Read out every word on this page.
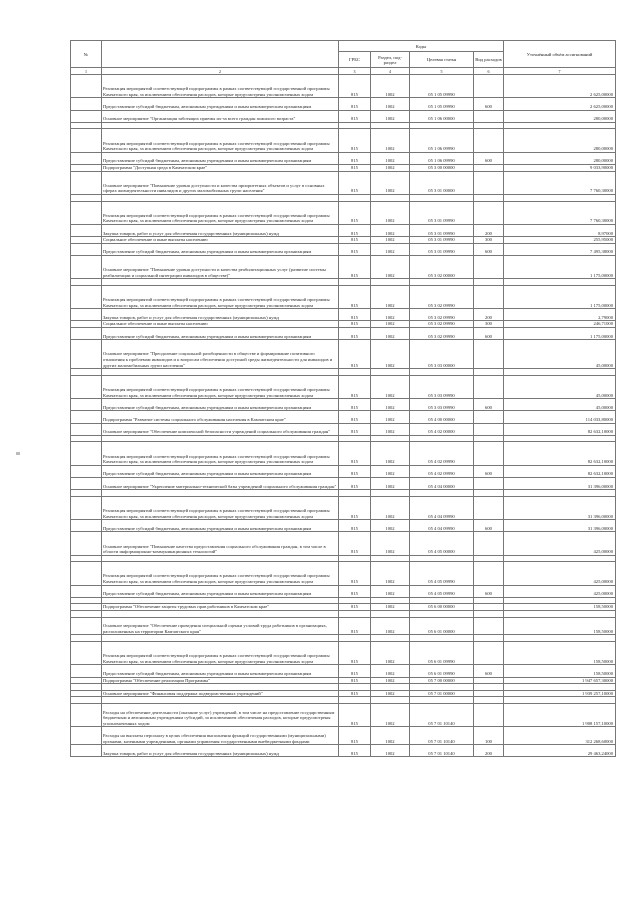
№		Коды				Уточнённый объём ассигнований
		ГРБС	Раздел, под-раздел	Целевая статья	Вид расходов	
1	2	3	4	5	6	7
	Реализация мероприятий соответствующей подпрограммы в рамках соответствующей государственной программы Камчатского края, за исключением обеспечения расходов, которые предусмотрены уполномоченных ходом	815	1002	05 1 05 09990		2 625,00000
	Предоставление субсидий бюджетным, автономным учреждениям и иным некоммерческим организациям	815	1002	05 1 05 09990	600	2 625,00000
	Основное мероприятие "Организация заботящих приемы их-за всего граждан пожилого возраста"	815	1002	05 1 06 00000		280,00000

	Реализация мероприятий соответствующей подпрограммы в рамках соответствующей государственной программы Камчатского края, за исключением обеспечения расходов, которые предусмотрены уполномоченных ходом	815	1002	05 1 06 09990		280,00000
	Предоставление субсидий бюджетным, автономным учреждениям и иным некоммерческим организациям	815	1002	05 1 06 09990	600	280,00000
	Подпрограмма "Доступная среда в Камчатском крае"	815	1002	05 3 00 00000		9 033,90000
	Основное мероприятие "Повышение уровня доступности и качества приоритетных объектов и услуг в основных сферах жизнедеятельности инвалидов и других маломобильных групп населения"	815	1002	05 3 01 00000		7 760,30000

	Реализация мероприятий соответствующей подпрограммы в рамках соответствующей государственной программы Камчатского края, за исключением обеспечения расходов, которые предусмотрены уполномоченных ходом	815	1002	05 3 01 09990		7 760,30000
	Закупка товаров, работ и услуг для обеспечения государственных (муниципальных) нужд	815	1002	05 3 01 09990	200	8,97000
	Социальное обеспечение и иные выплаты населению	815	1002	05 3 01 09990	300	255,95000
	Предоставление субсидий бюджетным, автономным учреждениям и иным некоммерческим организациям	815	1002	05 3 01 09990	600	7 495,38000
	Основное мероприятие "Повышение уровня доступности и качества реабилитационных услуг (развитие системы реабилитации и социальной интеграции инвалидов в обществе)"	815	1002	05 3 02 00000		1 175,00000

	Реализация мероприятий соответствующей подпрограммы в рамках соответствующей государственной программы Камчатского края, за исключением обеспечения расходов, которые предусмотрены уполномоченных ходом	815	1002	05 3 02 09990		1 175,00000
	Закупка товаров, работ и услуг для обеспечения государственных (муниципальных) нужд	815	1002	05 3 02 09990	200	2,79000
	Социальное обеспечение и иные выплаты населению	815	1002	05 3 02 09990	300	246,71000
	Предоставление субсидий бюджетным, автономным учреждениям и иным некоммерческим организациям	815	1002	05 3 02 09990	600	1 175,00000
	Основное мероприятие "Преодоление социальной разобщенности в обществе и формирование позитивного отношения к проблемам инвалидов и к вопросам обеспечения доступной среды жизнедеятельности для инвалидов и других маломобильных групп населения"	815	1002	05 3 03 00000		45,00000

	Реализация мероприятий соответствующей подпрограммы в рамках соответствующей государственной программы Камчатского края, за исключением обеспечения расходов, которые предусмотрены уполномоченных ходом	815	1002	05 3 03 09990		45,00000
	Предоставление субсидий бюджетным, автономным учреждениям и иным некоммерческим организациям	815	1002	05 3 03 09990	600	45,00000
	Подпрограмма "Развитие системы социального обслуживания населения в Камчатском крае"	815	1002	05 4 00 00000		114 033,80000
	Основное мероприятие "Обеспечение комплексной безопасности учреждений социального обслуживания граждан"	815	1002	05 4 02 00000		82 632,10000

	Реализация мероприятий соответствующей подпрограммы в рамках соответствующей государственной программы Камчатского края, за исключением обеспечения расходов, которые предусмотрены уполномоченных ходом	815	1002	05 4 02 09990		82 632,10000
	Предоставление субсидий бюджетным, автономным учреждениям и иным некоммерческим организациям	815	1002	05 4 02 09990	600	82 632,10000
	Основное мероприятие "Укрепление материально-технической базы учреждений социального обслуживания граждан"	815	1002	05 4 04 00000		31 396,00000

	Реализация мероприятий соответствующей подпрограммы в рамках соответствующей государственной программы Камчатского края, за исключением обеспечения расходов, которые предусмотрены уполномоченных ходом	815	1002	05 4 04 09990		31 396,00000
	Предоставление субсидий бюджетным, автономным учреждениям и иным некоммерческим организациям	815	1002	05 4 04 09990	600	31 396,00000
	Основное мероприятие "Повышение качества предоставления социального обслуживания граждан, в том числе в области информационно-коммуникационных технологий"	815	1002	05 4 05 00000		425,00000

	Реализация мероприятий соответствующей подпрограммы в рамках соответствующей государственной программы Камчатского края, за исключением обеспечения расходов, которые предусмотрены уполномоченных ходом	815	1002	05 4 05 09990		425,00000
	Предоставление субсидий бюджетным, автономным учреждениям и иным некоммерческим организациям	815	1002	05 4 05 09990	600	425,00000

	Подпрограмма "Обеспечение защиты трудовых прав работников в Камчатском крае"	815	1002	05 6 00 00000		158,50000

	Основное мероприятие "Обеспечение проведения специальной оценки условий труда работников в организациях, расположенных на территории Камчатского края"	815	1002	05 6 01 00000		158,50000

	Реализация мероприятий соответствующей подпрограммы в рамках соответствующей государственной программы Камчатского края, за исключением обеспечения расходов, которые предусмотрены уполномоченных ходом	815	1002	05 6 01 09990		158,50000
	Предоставление субсидий бюджетным, автономным учреждениям и иным некоммерческим организациям	815	1002	05 6 01 09990	600	158,50000
	Подпрограмма "Обеспечение реализации Программы"	815	1002	05 7 00 00000		1 947 657,30000

	Основное мероприятие "Финансовая поддержка подведомственных учреждений"	815	1002	05 7 01 00000		1 939 257,10000

	Расходы на обеспечение деятельности (оказание услуг) учреждений, в том числе на предоставление государственным бюджетным и автономным учреждениям субсидий, за исключением обеспечения расходов, которые предусмотрены уполномоченных ходом	815	1002	05 7 01 10140		1 908 157,10000
	Расходы на выплаты персоналу в целях обеспечения выполнения функций государственными (муниципальными) органами, казенными учреждениями, органами управления государственными внебюджетными фондами	815	1002	05 7 01 10140	100	312 268,60000
	Закупка товаров, работ и услуг для обеспечения государственных (муниципальных) нужд	815	1002	05 7 01 10140	200	29 463,24000
